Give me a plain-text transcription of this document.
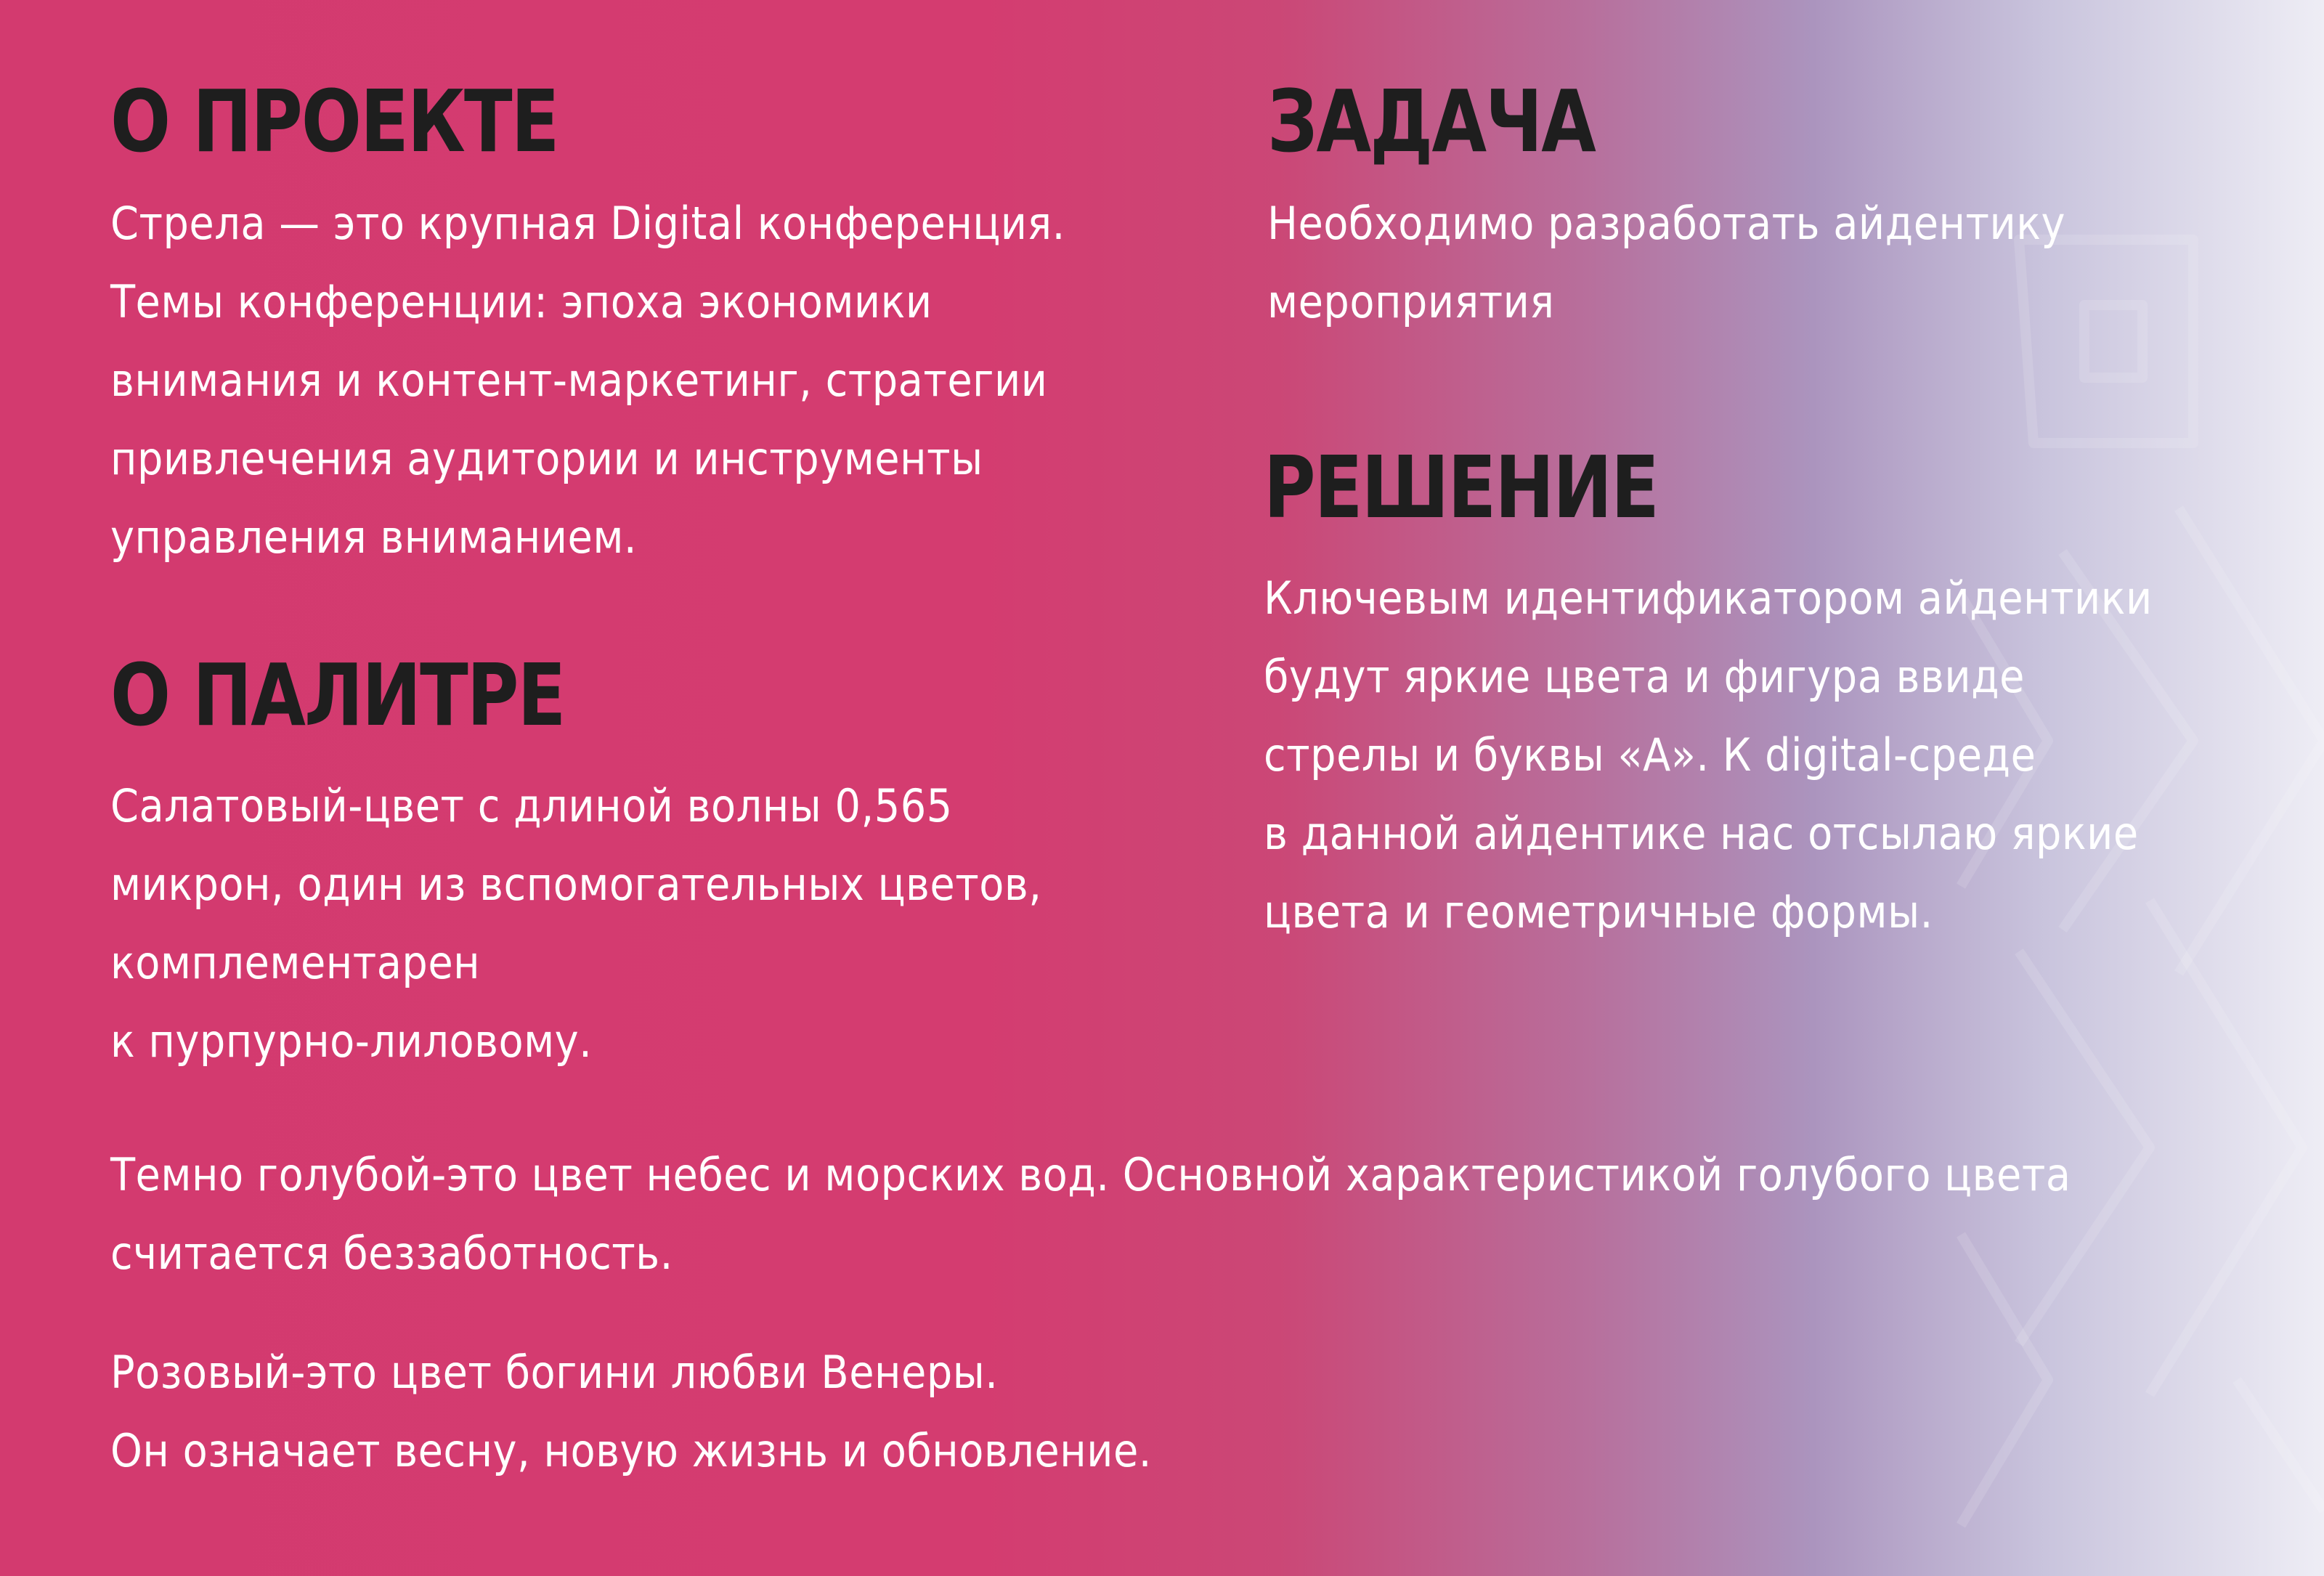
О ПРОЕКТЕ

Стрела — это крупная Digital конференция.
Темы конференции: эпоха экономики
внимания и контент-маркетинг, стратегии
привлечения аудитории и инструменты
управления вниманием.

ЗАДАЧА

Необходимо разработать айдентику
мероприятия

РЕШЕНИЕ

Ключевым идентификатором айдентики
будут яркие цвета и фигура ввиде
стрелы и буквы «А». К digital-среде
в данной айдентике нас отсылаю яркие
цвета и геометричные формы.

О ПАЛИТРЕ

Салатовый-цвет с длиной волны 0,565
микрон, один из вспомогательных цветов,
комплементарен
к пурпурно-лиловому.

Темно голубой-это цвет небес и морских вод. Основной характеристикой голубого цвета
считается беззаботность.

Розовый-это цвет богини любви Венеры.
Он означает весну, новую жизнь и обновление.
